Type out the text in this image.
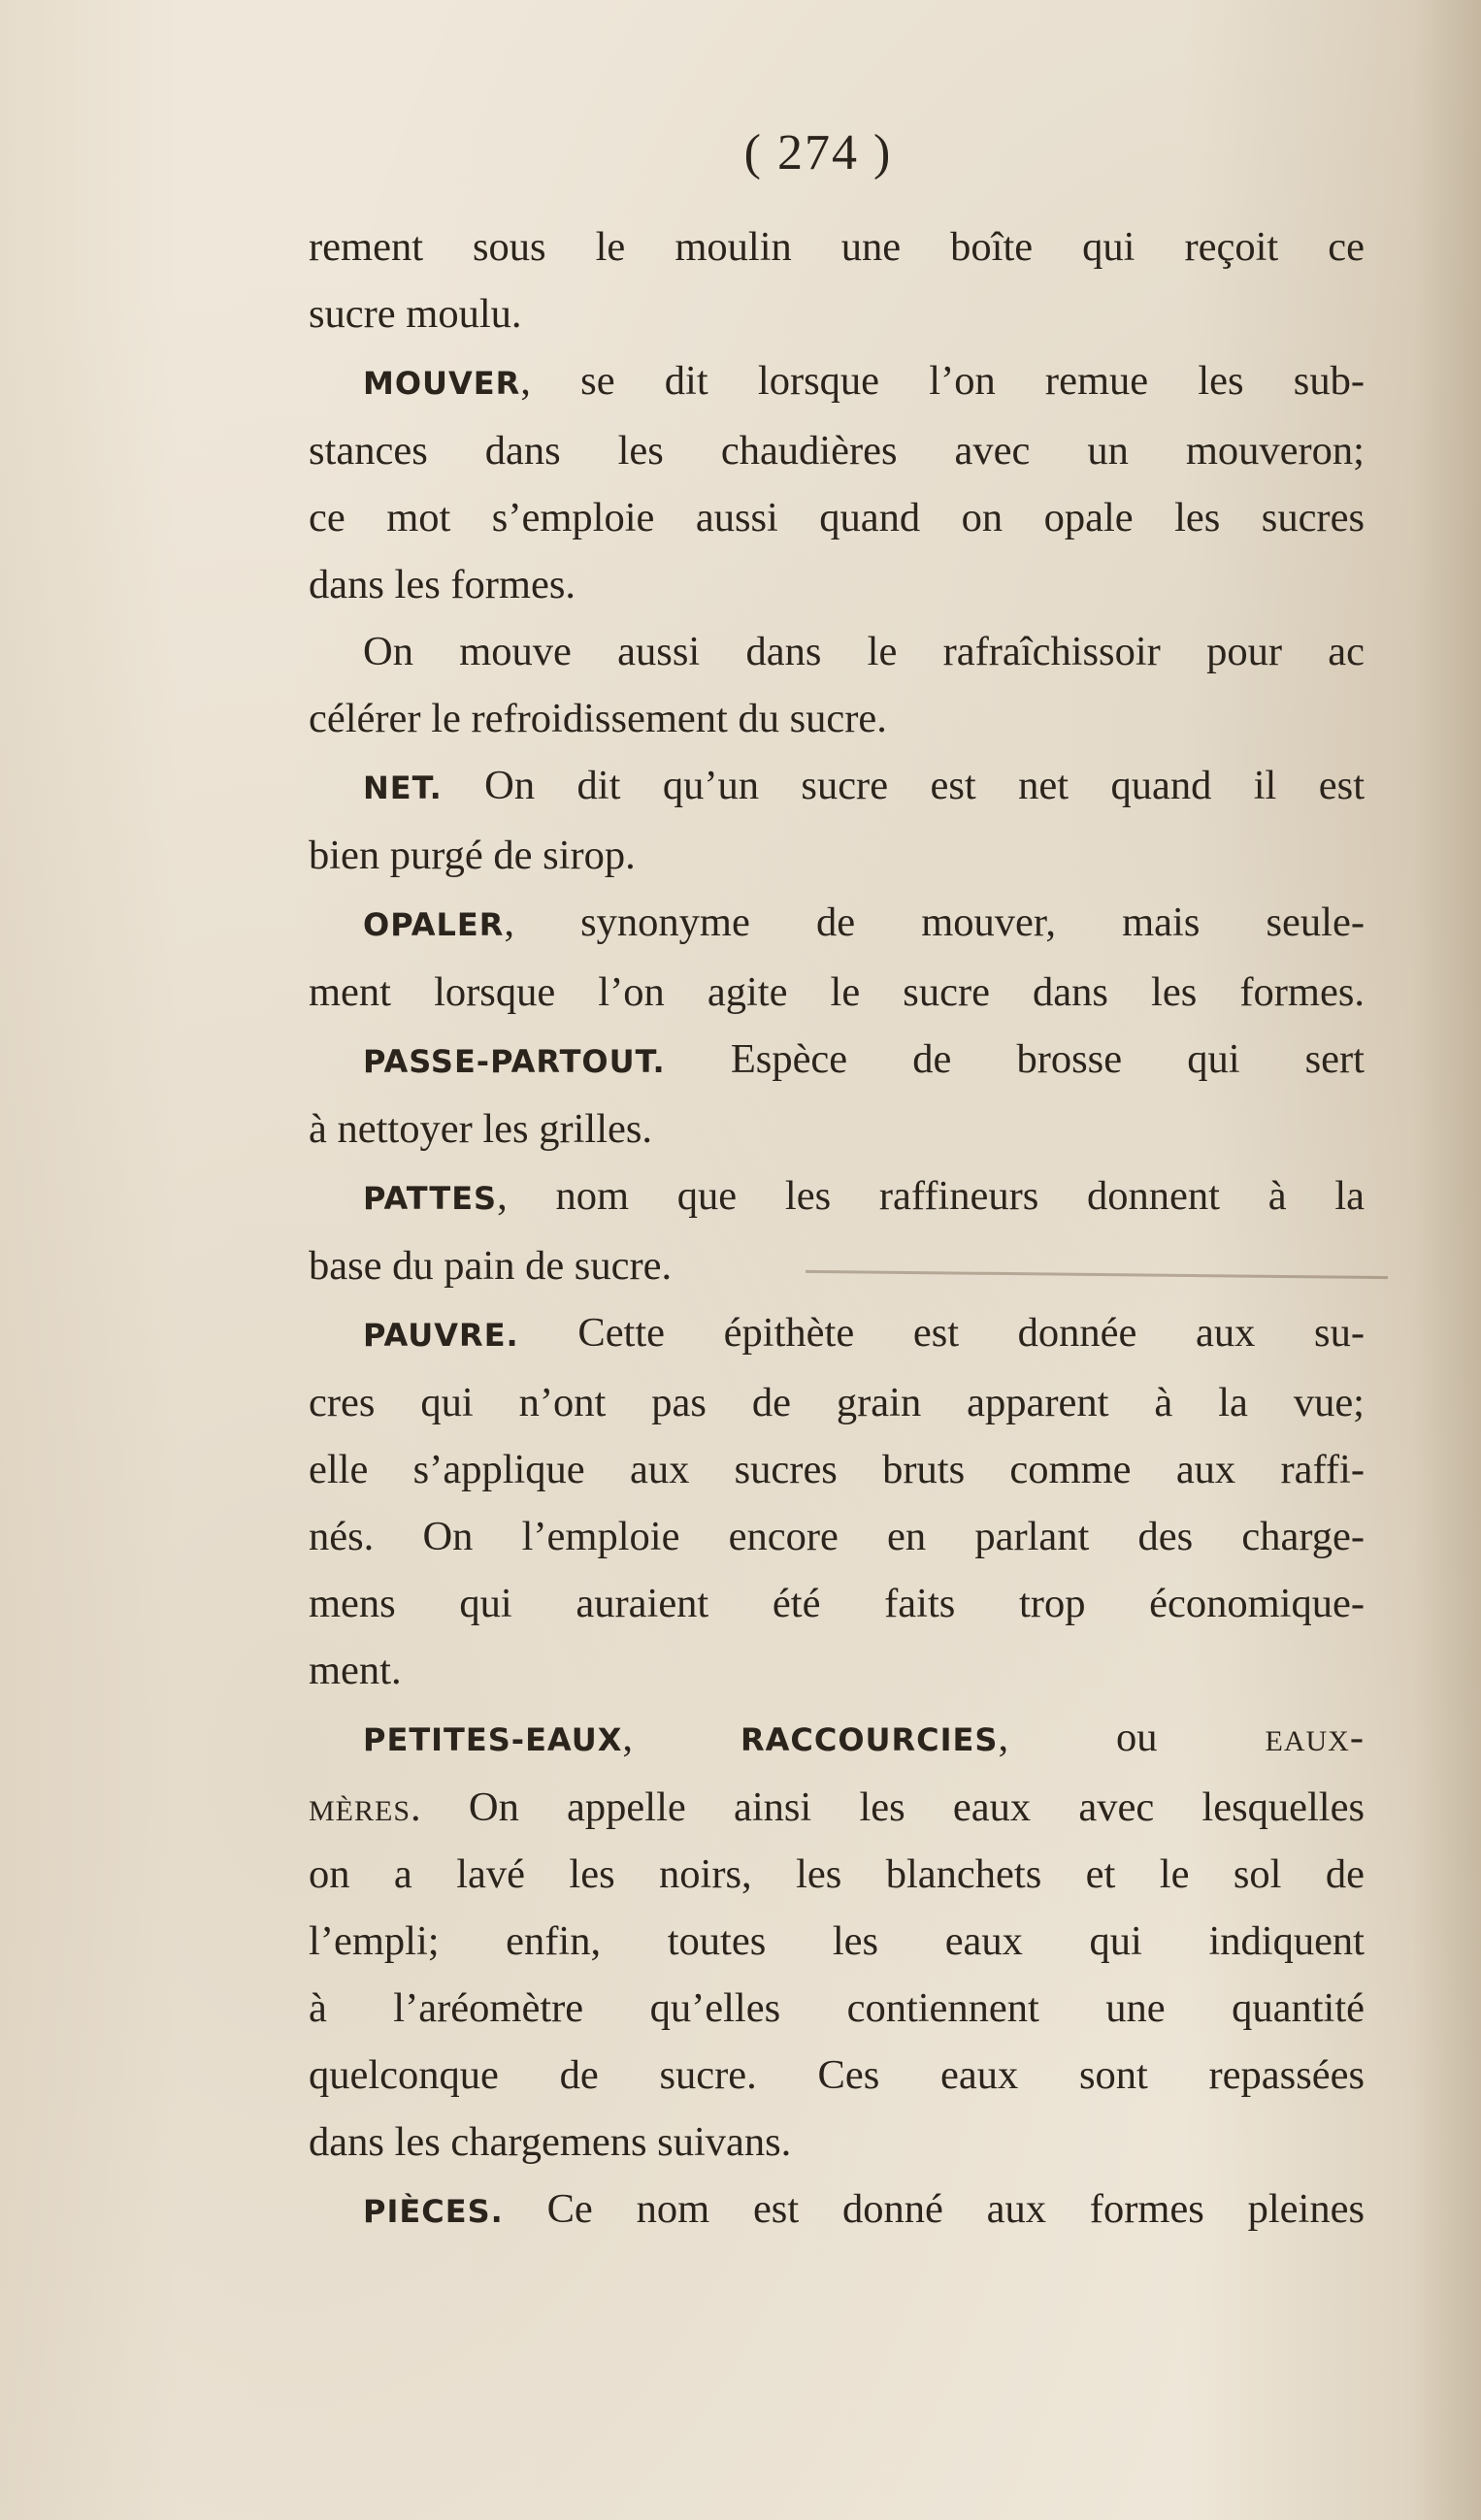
( 274 )
rement sous le moulin une boîte qui reçoit ce
sucre moulu.
MOUVER, se dit lorsque l’on remue les sub-
stances dans les chaudières avec un mouveron;
ce mot s’emploie aussi quand on opale les sucres
dans les formes.
On mouve aussi dans le rafraîchissoir pour ac
célérer le refroidissement du sucre.
NET. On dit qu’un sucre est net quand il est
bien purgé de sirop.
OPALER, synonyme de mouver, mais seule-
ment lorsque l’on agite le sucre dans les formes.
PASSE-PARTOUT. Espèce de brosse qui sert
à nettoyer les grilles.
PATTES, nom que les raffineurs donnent à la
base du pain de sucre.
PAUVRE. Cette épithète est donnée aux su-
cres qui n’ont pas de grain apparent à la vue;
elle s’applique aux sucres bruts comme aux raffi-
nés. On l’emploie encore en parlant des charge-
mens qui auraient été faits trop économique-
ment.
PETITES-EAUX, RACCOURCIES, ou eaux-
mères. On appelle ainsi les eaux avec lesquelles
on a lavé les noirs, les blanchets et le sol de
l’empli; enfin, toutes les eaux qui indiquent
à l’aréomètre qu’elles contiennent une quantité
quelconque de sucre. Ces eaux sont repassées
dans les chargemens suivans.
PIÈCES. Ce nom est donné aux formes pleines
